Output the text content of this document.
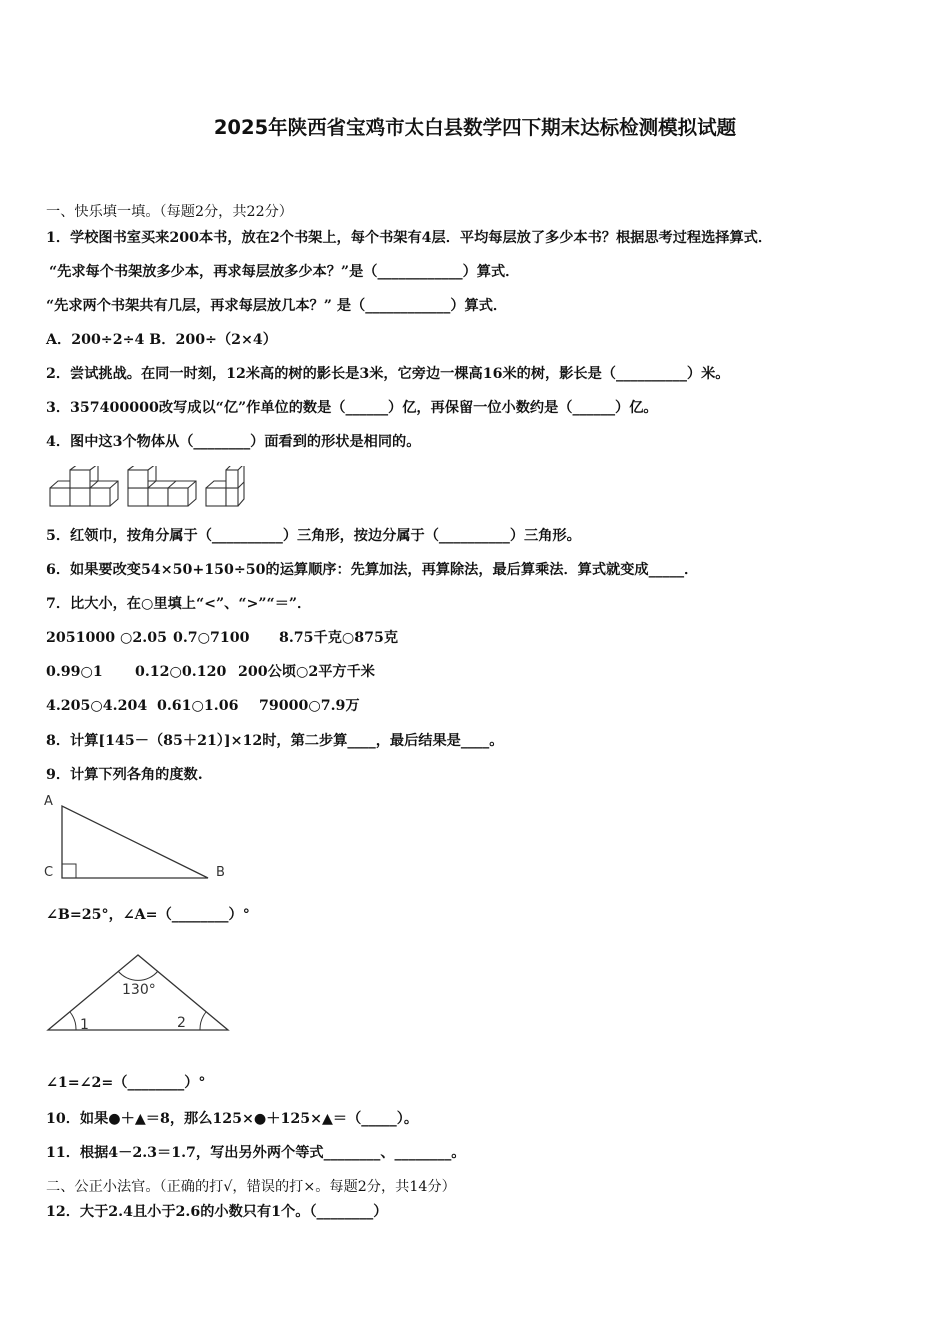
2025年陕西省宝鸡市太白县数学四下期末达标检测模拟试题
一、快乐填一填。（每题2分，共22分）
1．学校图书室买来200本书，放在2个书架上，每个书架有4层．平均每层放了多少本书？根据思考过程选择算式．
“先求每个书架放多少本，再求每层放多少本？”是（____________）算式．
“先求两个书架共有几层，再求每层放几本？” 是（____________）算式．
A．200÷2÷4 B．200÷（2×4）
2．尝试挑战。在同一时刻，12米高的树的影长是3米，它旁边一棵高16米的树，影长是（__________）米。
3．357400000改写成以“亿”作单位的数是（______）亿，再保留一位小数约是（______）亿。
4．图中这3个物体从（________）面看到的形状是相同的。
5．红领巾，按角分属于（__________）三角形，按边分属于（__________）三角形。
6．如果要改变54×50+150÷50的运算顺序：先算加法，再算除法，最后算乘法．算式就变成_____．
7．比大小，在○里填上“<”、“>”“＝”．
2051000 ○2.05 0.7○7100 8.75千克○875克
0.99○1 0.12○0.120 200公顷○2平方千米
4.205○4.204 0.61○1.06 79000○7.9万
8．计算[145－（85＋21）]×12时，第二步算____，最后结果是____。
9．计算下列各角的度数.
A
C	B
∠B=25°，∠A=（________）°
130°
1	2
∠1=∠2=（________）°
10．如果●＋▲＝8，那么125×●＋125×▲＝（_____）。
11．根据4－2.3＝1.7，写出另外两个等式________、________。
二、公正小法官。（正确的打√，错误的打×。每题2分，共14分）
12．大于2.4且小于2.6的小数只有1个。（________）
